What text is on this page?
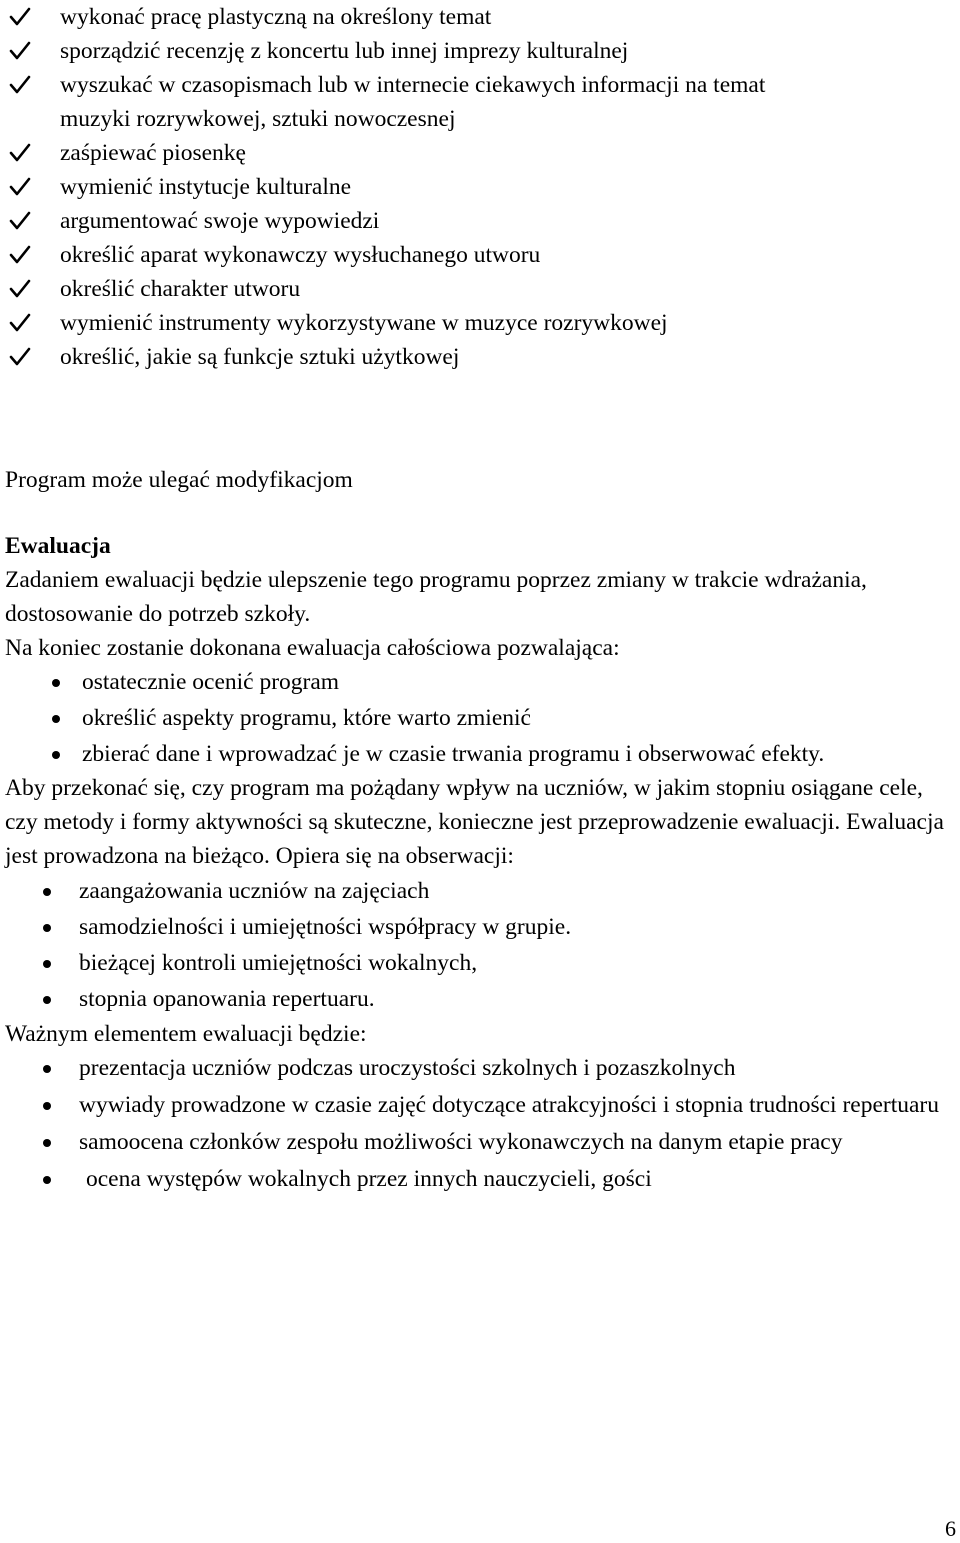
wykonać pracę plastyczną na określony temat
sporządzić recenzję z koncertu lub innej imprezy kulturalnej
wyszukać w czasopismach lub w internecie ciekawych informacji na temat
muzyki rozrywkowej, sztuki nowoczesnej
zaśpiewać piosenkę
wymienić instytucje kulturalne
argumentować swoje wypowiedzi
określić aparat wykonawczy wysłuchanego utworu
określić charakter utworu
wymienić instrumenty wykorzystywane w muzyce rozrywkowej
określić, jakie są funkcje sztuki użytkowej
Program może ulegać modyfikacjom
Ewaluacja

Zadaniem ewaluacji będzie ulepszenie tego programu poprzez zmiany w trakcie wdrażania, dostosowanie do potrzeb szkoły.

Na koniec zostanie dokonana ewaluacja całościowa pozwalająca:

ostatecznie ocenić program
określić aspekty programu, które warto zmienić
zbierać dane i wprowadzać je w czasie trwania programu i obserwować efekty.

Aby przekonać się, czy program ma pożądany wpływ na uczniów, w jakim stopniu osiągane cele, czy metody i formy aktywności są skuteczne, konieczne jest przeprowadzenie ewaluacji. Ewaluacja jest prowadzona na bieżąco. Opiera się na obserwacji:

zaangażowania uczniów na zajęciach
samodzielności i umiejętności współpracy w grupie.
bieżącej kontroli umiejętności wokalnych,
stopnia opanowania repertuaru.

Ważnym elementem ewaluacji będzie:

prezentacja uczniów podczas uroczystości szkolnych i pozaszkolnych
wywiady prowadzone w czasie zajęć dotyczące atrakcyjności i stopnia trudności repertuaru
samoocena członków zespołu możliwości wykonawczych na danym etapie pracy
ocena występów wokalnych przez innych nauczycieli, gości
6
